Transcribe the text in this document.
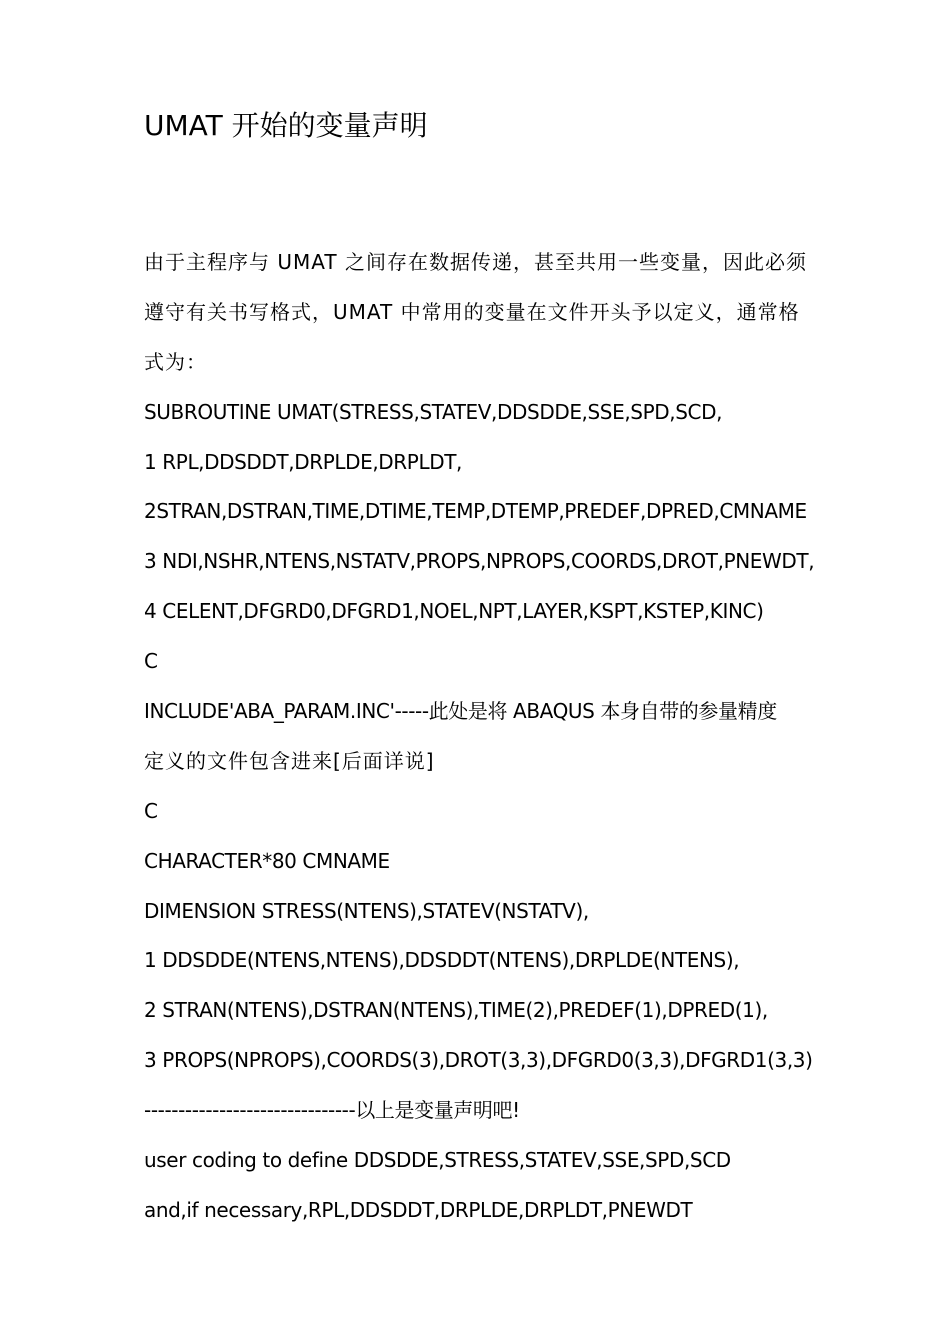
UMAT 开始的变量声明
由于主程序与 UMAT 之间存在数据传递，甚至共用一些变量，因此必须
遵守有关书写格式，UMAT 中常用的变量在文件开头予以定义，通常格
式为：
SUBROUTINE UMAT(STRESS,STATEV,DDSDDE,SSE,SPD,SCD,
1 RPL,DDSDDT,DRPLDE,DRPLDT,
2STRAN,DSTRAN,TIME,DTIME,TEMP,DTEMP,PREDEF,DPRED,CMNAME
3 NDI,NSHR,NTENS,NSTATV,PROPS,NPROPS,COORDS,DROT,PNEWDT,
4 CELENT,DFGRD0,DFGRD1,NOEL,NPT,LAYER,KSPT,KSTEP,KINC)
C
INCLUDE'ABA_PARAM.INC'-----此处是将 ABAQUS 本身自带的参量精度
定义的文件包含进来[后面详说]
C
CHARACTER*80 CMNAME
DIMENSION STRESS(NTENS),STATEV(NSTATV),
1 DDSDDE(NTENS,NTENS),DDSDDT(NTENS),DRPLDE(NTENS),
2 STRAN(NTENS),DSTRAN(NTENS),TIME(2),PREDEF(1),DPRED(1),
3 PROPS(NPROPS),COORDS(3),DROT(3,3),DFGRD0(3,3),DFGRD1(3,3)
-------------------------------以上是变量声明吧!
user coding to define DDSDDE,STRESS,STATEV,SSE,SPD,SCD
and,if necessary,RPL,DDSDDT,DRPLDE,DRPLDT,PNEWDT
